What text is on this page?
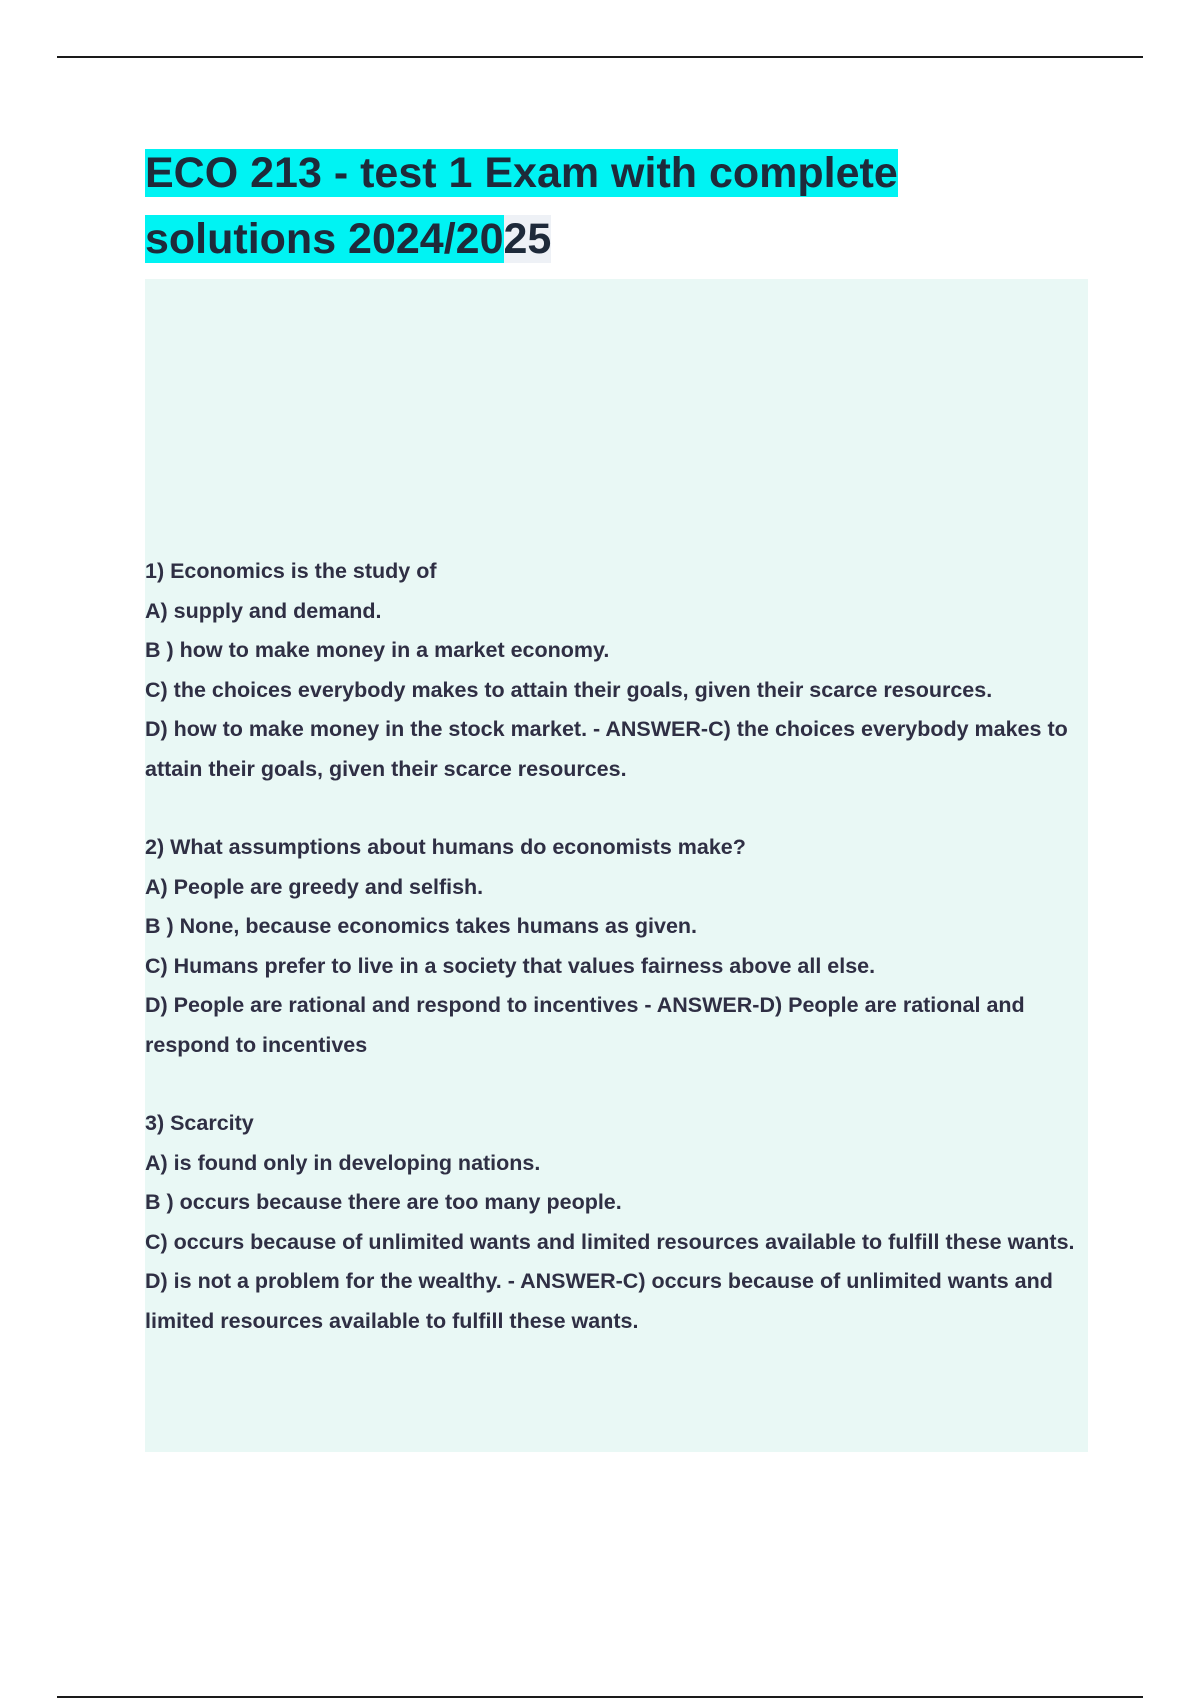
ECO 213 - test 1 Exam with complete
solutions 2024/2025

1) Economics is the study of

A) supply and demand.

B ) how to make money in a market economy.

C) the choices everybody makes to attain their goals, given their scarce resources.

D) how to make money in the stock market. - ANSWER-C) the choices everybody makes to attain their goals, given their scarce resources.

2) What assumptions about humans do economists make?

A) People are greedy and selfish.

B ) None, because economics takes humans as given.

C) Humans prefer to live in a society that values fairness above all else.

D) People are rational and respond to incentives - ANSWER-D) People are rational and respond to incentives

3) Scarcity

A) is found only in developing nations.

B ) occurs because there are too many people.

C) occurs because of unlimited wants and limited resources available to fulfill these wants.

D) is not a problem for the wealthy. - ANSWER-C) occurs because of unlimited wants and limited resources available to fulfill these wants.
